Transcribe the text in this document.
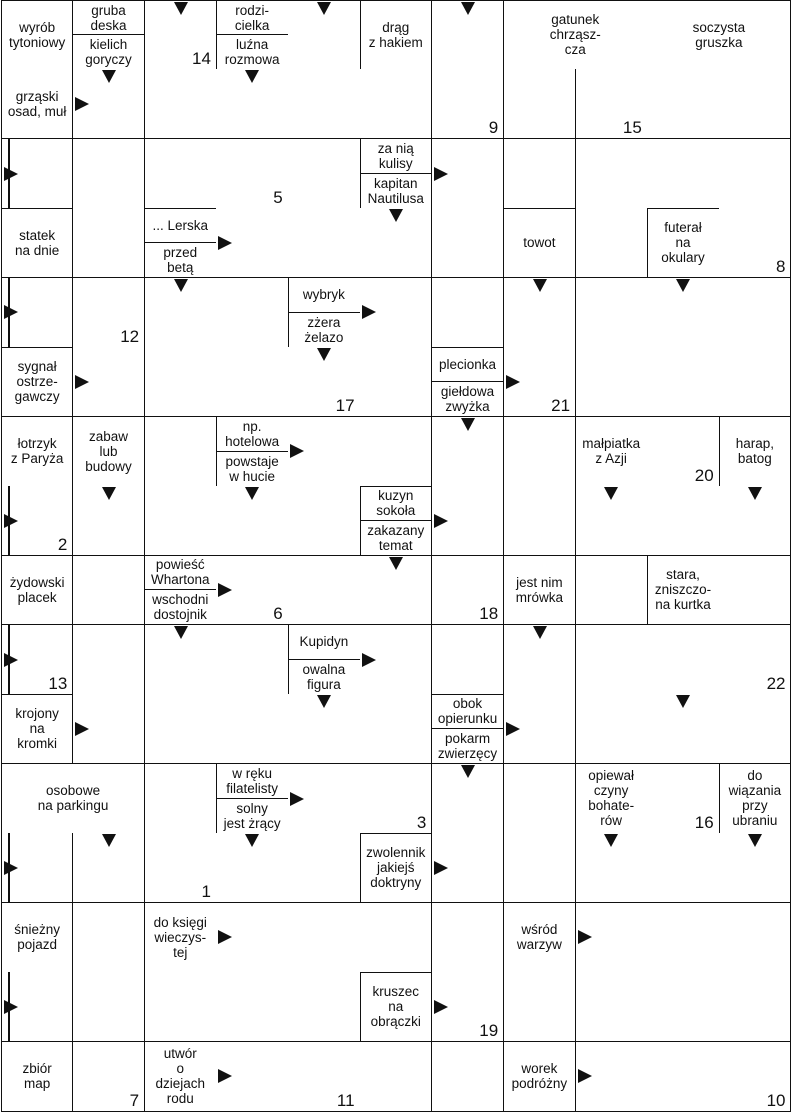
wyrób
tytoniowy
grząski
osad, muł
gruba
deska
kielich
goryczy
rodzi-
cielka
luźna
rozmowa
drąg
z hakiem
gatunek
chrząsz-
cza
soczysta
gruszka
za nią
kulisy
kapitan
Nautilusa
statek
na dnie
... Lerska
przed
betą
towot
futerał
na
okulary
wybryk
zżera
żelazo
sygnał
ostrze-
gawczy
plecionka
giełdowa
zwyżka
łotrzyk
z Paryża
zabaw
lub
budowy
np.
hotelowa
powstaje
w hucie
małpiatka
z Azji
harap,
batog
kuzyn
sokoła
zakazany
temat
żydowski
placek
powieść
Whartona
wschodni
dostojnik
jest nim
mrówka
stara,
zniszczo-
na kurtka
Kupidyn
owalna
figura
krojony
na
kromki
obok
opierunku
pokarm
zwierzęcy
osobowe
na parkingu
w ręku
filatelisty
solny
jest żrący
opiewał
czyny
bohate-
rów
do
wiązania
przy
ubraniu
zwolennik
jakiejś
doktryny
śnieżny
pojazd
do księgi
wieczys-
tej
wśród
warzyw
kruszec
na
obrączki
zbiór
map
utwór
o
dziejach
rodu
worek
podróżny
14
9	15
5
8
12
17	21
20
2
6	18
13	22
3	16
1
19
7	11	10
